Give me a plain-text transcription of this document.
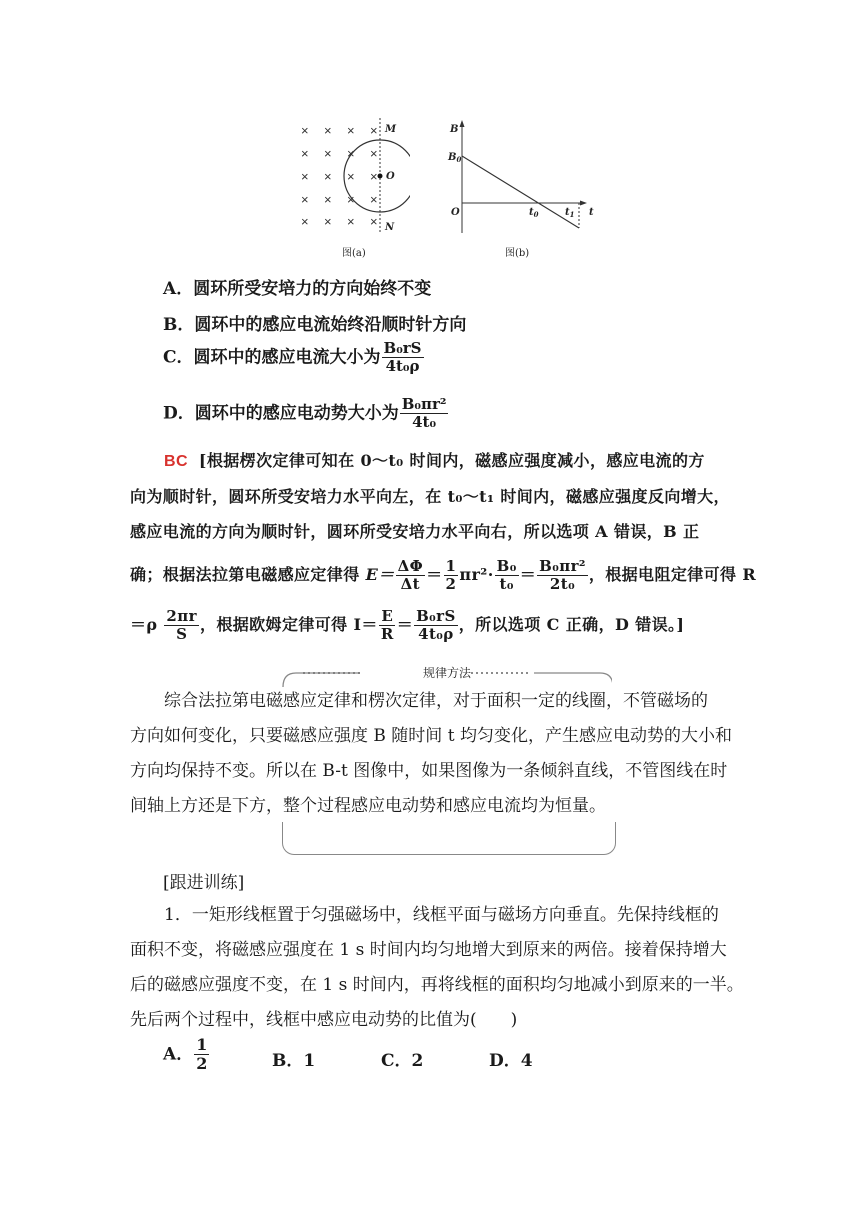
× × × ×
× × × ×
× × × ×
× × × ×
× × × ×
M
O
N
图(a)
B
$B_0$
O	$t_0$	$t_1$ t
图(b)
A．圆环所受安培力的方向始终不变
B．圆环中的感应电流始终沿顺时针方向
C．圆环中的感应电流大小为 $\frac{\text{B₀rS}}{\text{4t₀ρ}}$
D．圆环中的感应电动势大小为 $\frac{\text{B₀πr²}}{\text{4t₀}}$

BC [根据楞次定律可知在 0～t₀ 时间内，磁感应强度减小，感应电流的方

向为顺时针，圆环所受安培力水平向左，在 t₀～t₁ 时间内，磁感应强度反向增大，

感应电流的方向为顺时针，圆环所受安培力水平向右，所以选项 A 错误，B 正

确；根据法拉第电磁感应定律得 $E= \frac{\Delta\Phi}{\Delta t} = \frac{1}{2} \pi r^2\cdot \frac{\text{B₀}}{\text{t₀}} = \frac{\text{B₀πr²}}{\text{2t₀}}$ ，根据电阻定律可得 R

$=\rho \frac{2\pi r}{S}$ ，根据欧姆定律可得 $I= \frac{E}{R} = \frac{\text{B₀rS}}{\text{4t₀ρ}}$ ，所以选项 C 正确，D 错误。]

规律方法

综合法拉第电磁感应定律和楞次定律，对于面积一定的线圈，不管磁场的

方向如何变化，只要磁感应强度 B 随时间 t 均匀变化，产生感应电动势的大小和

方向均保持不变。所以在 B-t 图像中，如果图像为一条倾斜直线，不管图线在时

间轴上方还是下方，整个过程感应电动势和感应电流均为恒量。

[跟进训练]

1．一矩形线框置于匀强磁场中，线框平面与磁场方向垂直。先保持线框的

面积不变，将磁感应强度在 1 s 时间内均匀地增大到原来的两倍。接着保持增大

后的磁感应强度不变，在 1 s 时间内，再将线框的面积均匀地减小到原来的一半。

先后两个过程中，线框中感应电动势的比值为(　　)

A． $\frac{1}{2}$	B．1	C．2	D．4
